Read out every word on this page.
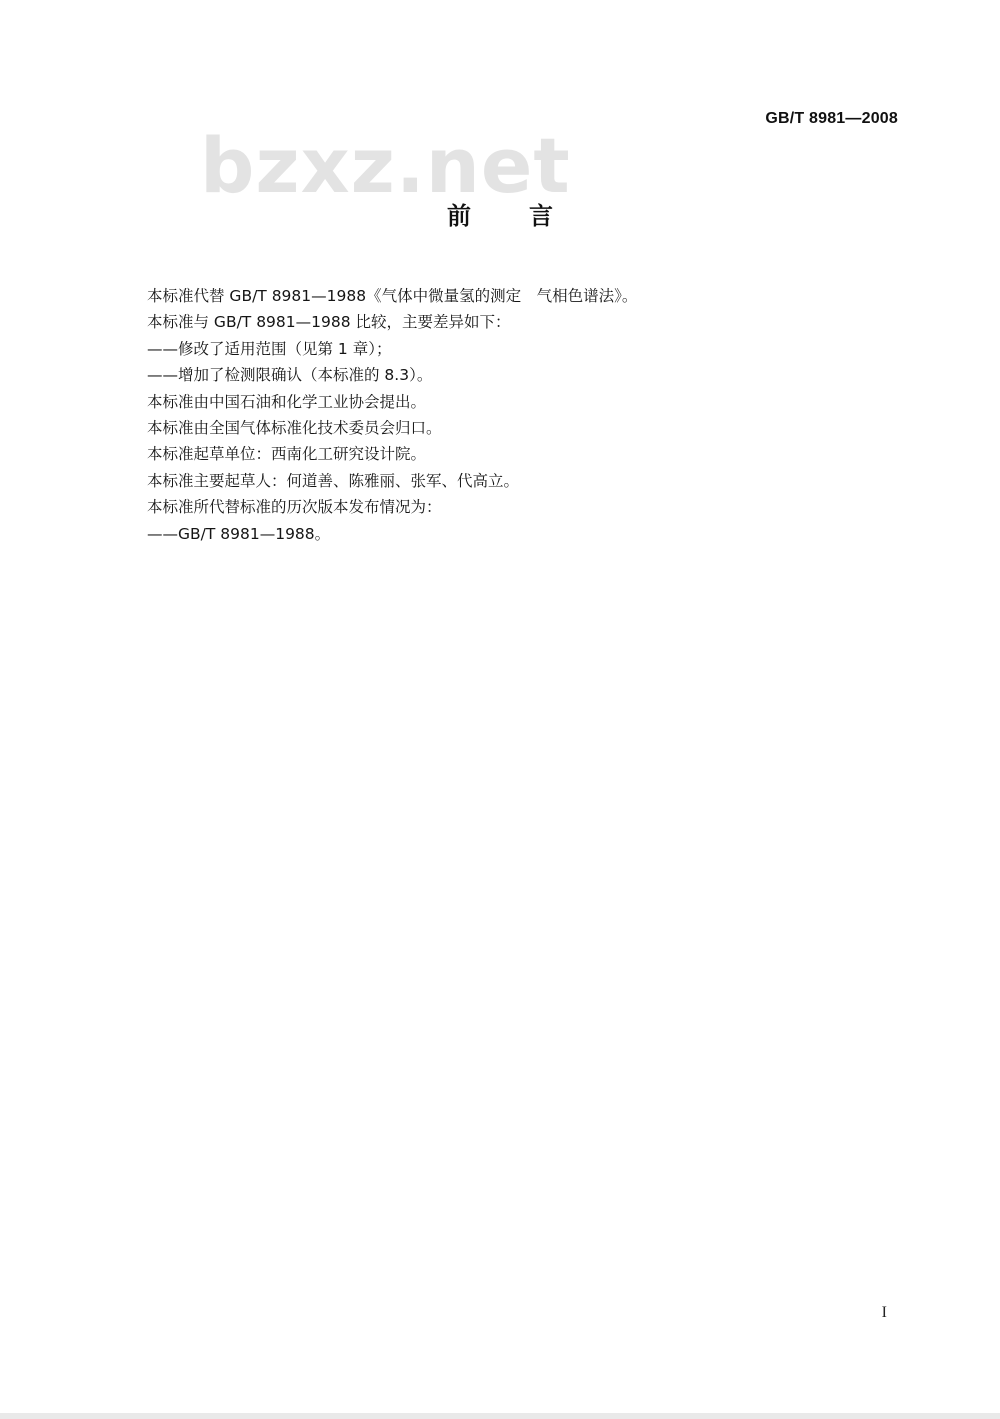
GB/T 8981—2008
bzxz.net
前言
本标准代替 GB/T 8981—1988《气体中微量氢的测定　气相色谱法》。
本标准与 GB/T 8981—1988 比较，主要差异如下：
——修改了适用范围（见第 1 章）；
——增加了检测限确认（本标准的 8.3）。
本标准由中国石油和化学工业协会提出。
本标准由全国气体标准化技术委员会归口。
本标准起草单位：西南化工研究设计院。
本标准主要起草人：何道善、陈雅丽、张军、代高立。
本标准所代替标准的历次版本发布情况为：
——GB/T 8981—1988。
I
